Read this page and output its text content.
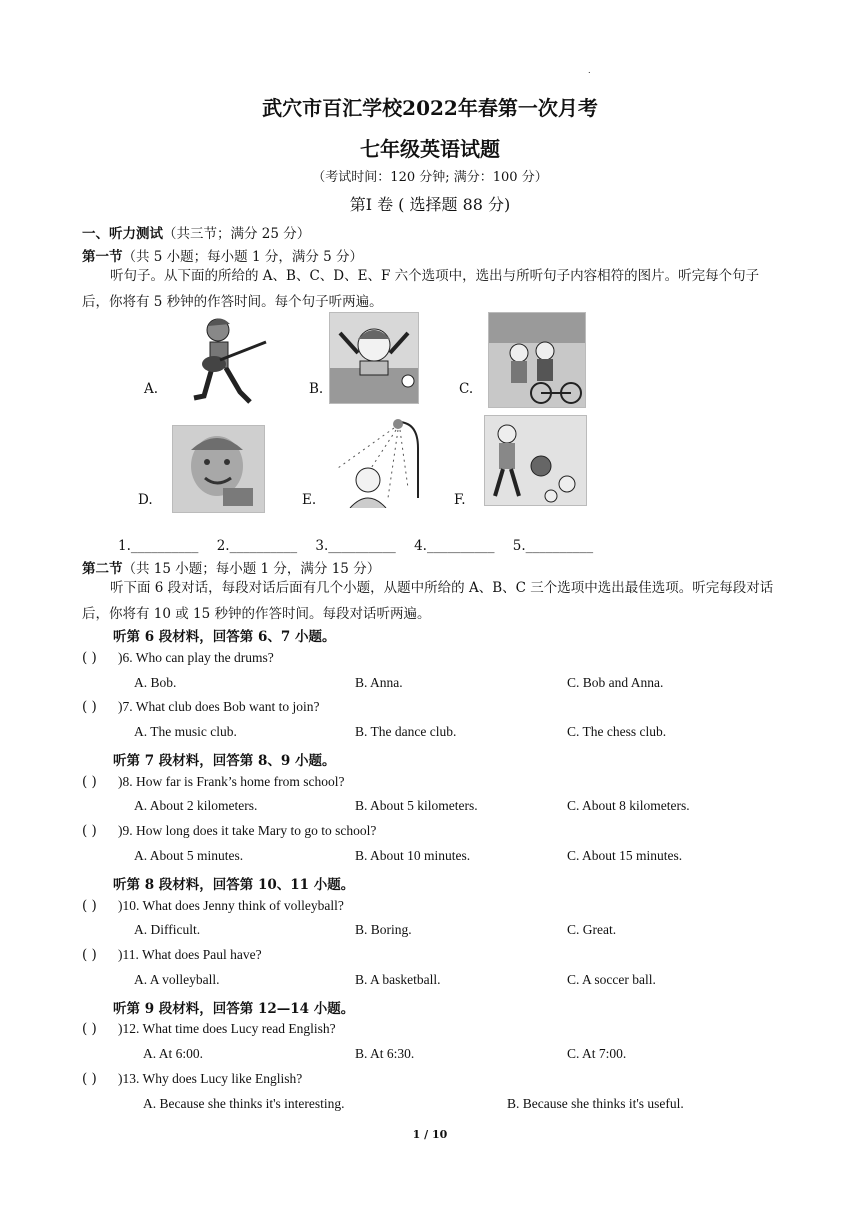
.
武穴市百汇学校2022年春第一次月考
七年级英语试题
（考试时间：120 分钟; 满分：100 分）
第I 卷 ( 选择题 88 分)
一、听力测试（共三节；满分 25 分）
第一节（共 5 小题；每小题 1 分，满分 5 分）
听句子。从下面的所给的 A、B、C、D、E、F 六个选项中，选出与所听句子内容相符的图片。听完每个句子后，你将有 5 秒钟的作答时间。每个句子听两遍。
A.	B.	C.
D.	E.	F.
1.__________ 2.__________ 3.__________ 4.__________ 5.__________
第二节（共 15 小题；每小题 1 分，满分 15 分）
听下面 6 段对话，每段对话后面有几个小题，从题中所给的 A、B、C 三个选项中选出最佳选项。听完每段对话后，你将有 10 或 15 秒钟的作答时间。每段对话听两遍。
听第 6 段材料，回答第 6、7 小题。
( ) )6. Who can play the drums?
A. Bob.	B. Anna.	C. Bob and Anna.
( ) )7. What club does Bob want to join?
A. The music club.	B. The dance club.	C. The chess club.
听第 7 段材料，回答第 8、9 小题。
( ) )8. How far is Frank’s home from school?
A. About 2 kilometers.	B. About 5 kilometers.	C. About 8 kilometers.
( ) )9. How long does it take Mary to go to school?
A. About 5 minutes.	B. About 10 minutes.	C. About 15 minutes.
听第 8 段材料，回答第 10、11 小题。
( ) )10. What does Jenny think of volleyball?
A. Difficult.	B. Boring.	C. Great.
( ) )11. What does Paul have?
A. A volleyball.	B. A basketball.	C. A soccer ball.
听第 9 段材料，回答第 12—14 小题。
( ) )12. What time does Lucy read English?
A. At 6:00.	B. At 6:30.	C. At 7:00.
( ) )13. Why does Lucy like English?
A. Because she thinks it's interesting.	B. Because she thinks it's useful.
1 / 10
